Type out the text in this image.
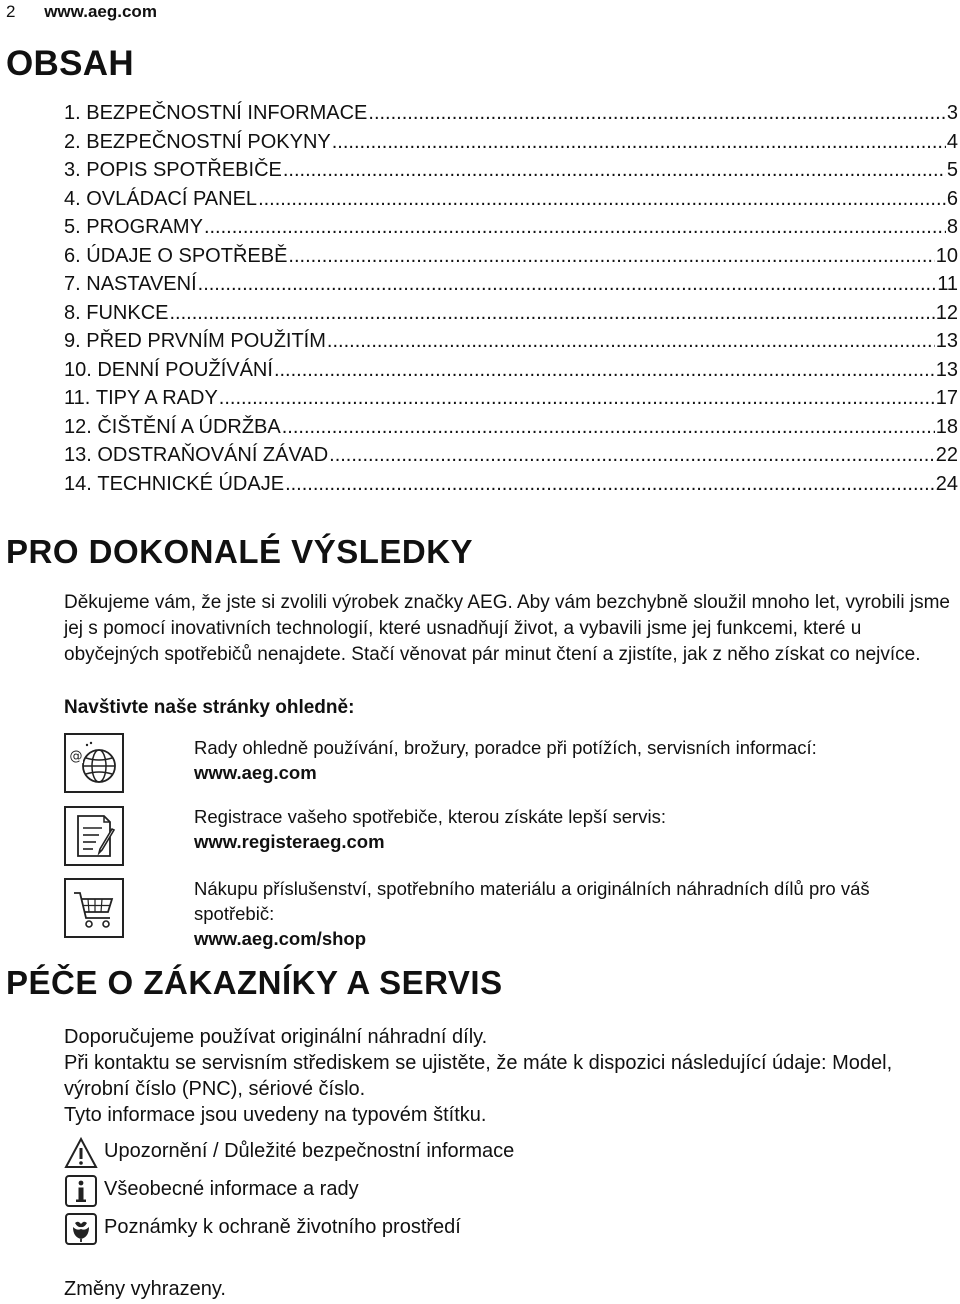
2 www.aeg.com
OBSAH
1. BEZPEČNOSTNÍ INFORMACE .....	3
2. BEZPEČNOSTNÍ POKYNY .....	4
3. POPIS SPOTŘEBIČE .....	5
4. OVLÁDACÍ PANEL .....	6
5. PROGRAMY .....	8
6. ÚDAJE O SPOTŘEBĚ .....	10
7. NASTAVENÍ .....	11
8. FUNKCE .....	12
9. PŘED PRVNÍM POUŽITÍM .....	13
10. DENNÍ POUŽÍVÁNÍ .....	13
11. TIPY A RADY .....	17
12. ČIŠTĚNÍ A ÚDRŽBA .....	18
13. ODSTRAŇOVÁNÍ ZÁVAD .....	22
14. TECHNICKÉ ÚDAJE .....	24
PRO DOKONALÉ VÝSLEDKY

Děkujeme vám, že jste si zvolili výrobek značky AEG. Aby vám bezchybně sloužil mnoho let, vyrobili jsme jej s pomocí inovativních technologií, které usnadňují život, a vybavili jsme jej funkcemi, které u obyčejných spotřebičů nenajdete. Stačí věnovat pár minut čtení a zjistíte, jak z něho získat co nejvíce.

Navštivte naše stránky ohledně:
@	Rady ohledně používání, brožury, poradce při potížích, servisních informací:
www.aeg.com
Registrace vašeho spotřebiče, kterou získáte lepší servis:
www.registeraeg.com
Nákupu příslušenství, spotřebního materiálu a originálních náhradních dílů pro váš spotřebič:
www.aeg.com/shop
PÉČE O ZÁKAZNÍKY A SERVIS
Doporučujeme používat originální náhradní díly.
Při kontaktu se servisním střediskem se ujistěte, že máte k dispozici následující údaje: Model, výrobní číslo (PNC), sériové číslo.
Tyto informace jsou uvedeny na typovém štítku.
Upozornění / Důležité bezpečnostní informace
Všeobecné informace a rady
Poznámky k ochraně životního prostředí
Změny vyhrazeny.
